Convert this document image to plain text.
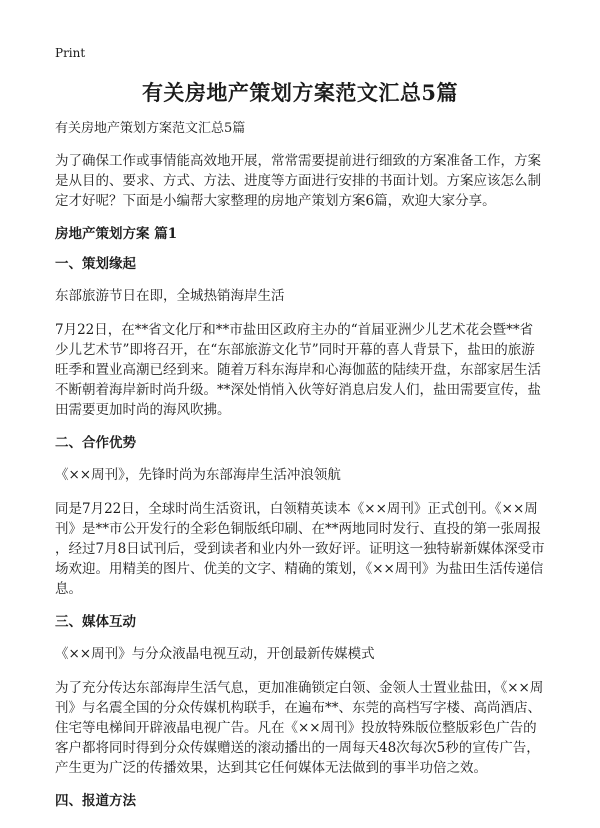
Print
有关房地产策划方案范文汇总5篇
有关房地产策划方案范文汇总5篇

为了确保工作或事情能高效地开展，常常需要提前进行细致的方案准备工作，方案是从目的、要求、方式、方法、进度等方面进行安排的书面计划。方案应该怎么制定才好呢？下面是小编帮大家整理的房地产策划方案6篇，欢迎大家分享。

房地产策划方案 篇1
一、策划缘起

东部旅游节日在即，全城热销海岸生活

7月22日，在**省文化厅和**市盐田区政府主办的“首届亚洲少儿艺术花会暨**省少儿艺术节”即将召开，在“东部旅游文化节”同时开幕的喜人背景下，盐田的旅游旺季和置业高潮已经到来。随着万科东海岸和心海伽蓝的陆续开盘，东部家居生活不断朝着海岸新时尚升级。**深处悄悄入伙等好消息启发人们，盐田需要宣传，盐田需要更加时尚的海风吹拂。

二、合作优势

《××周刊》，先锋时尚为东部海岸生活冲浪领航

同是7月22日，全球时尚生活资讯，白领精英读本《××周刊》正式创刊。《××周刊》是**市公开发行的全彩色铜版纸印刷、在**两地同时发行、直投的第一张周报，经过7月8日试刊后，受到读者和业内外一致好评。证明这一独特崭新媒体深受市场欢迎。用精美的图片、优美的文字、精确的策划，《××周刊》为盐田生活传递信息。

三、媒体互动

《××周刊》与分众液晶电视互动，开创最新传媒模式

为了充分传达东部海岸生活气息，更加准确锁定白领、金领人士置业盐田，《××周刊》与名震全国的分众传媒机构联手，在遍布**、东莞的高档写字楼、高尚酒店、住宅等电梯间开辟液晶电视广告。凡在《××周刊》投放特殊版位整版彩色广告的客户都将同时得到分众传媒赠送的滚动播出的一周每天48次每次5秒的宣传广告，产生更为广泛的传播效果，达到其它任何媒体无法做到的事半功倍之效。

四、报道方法
